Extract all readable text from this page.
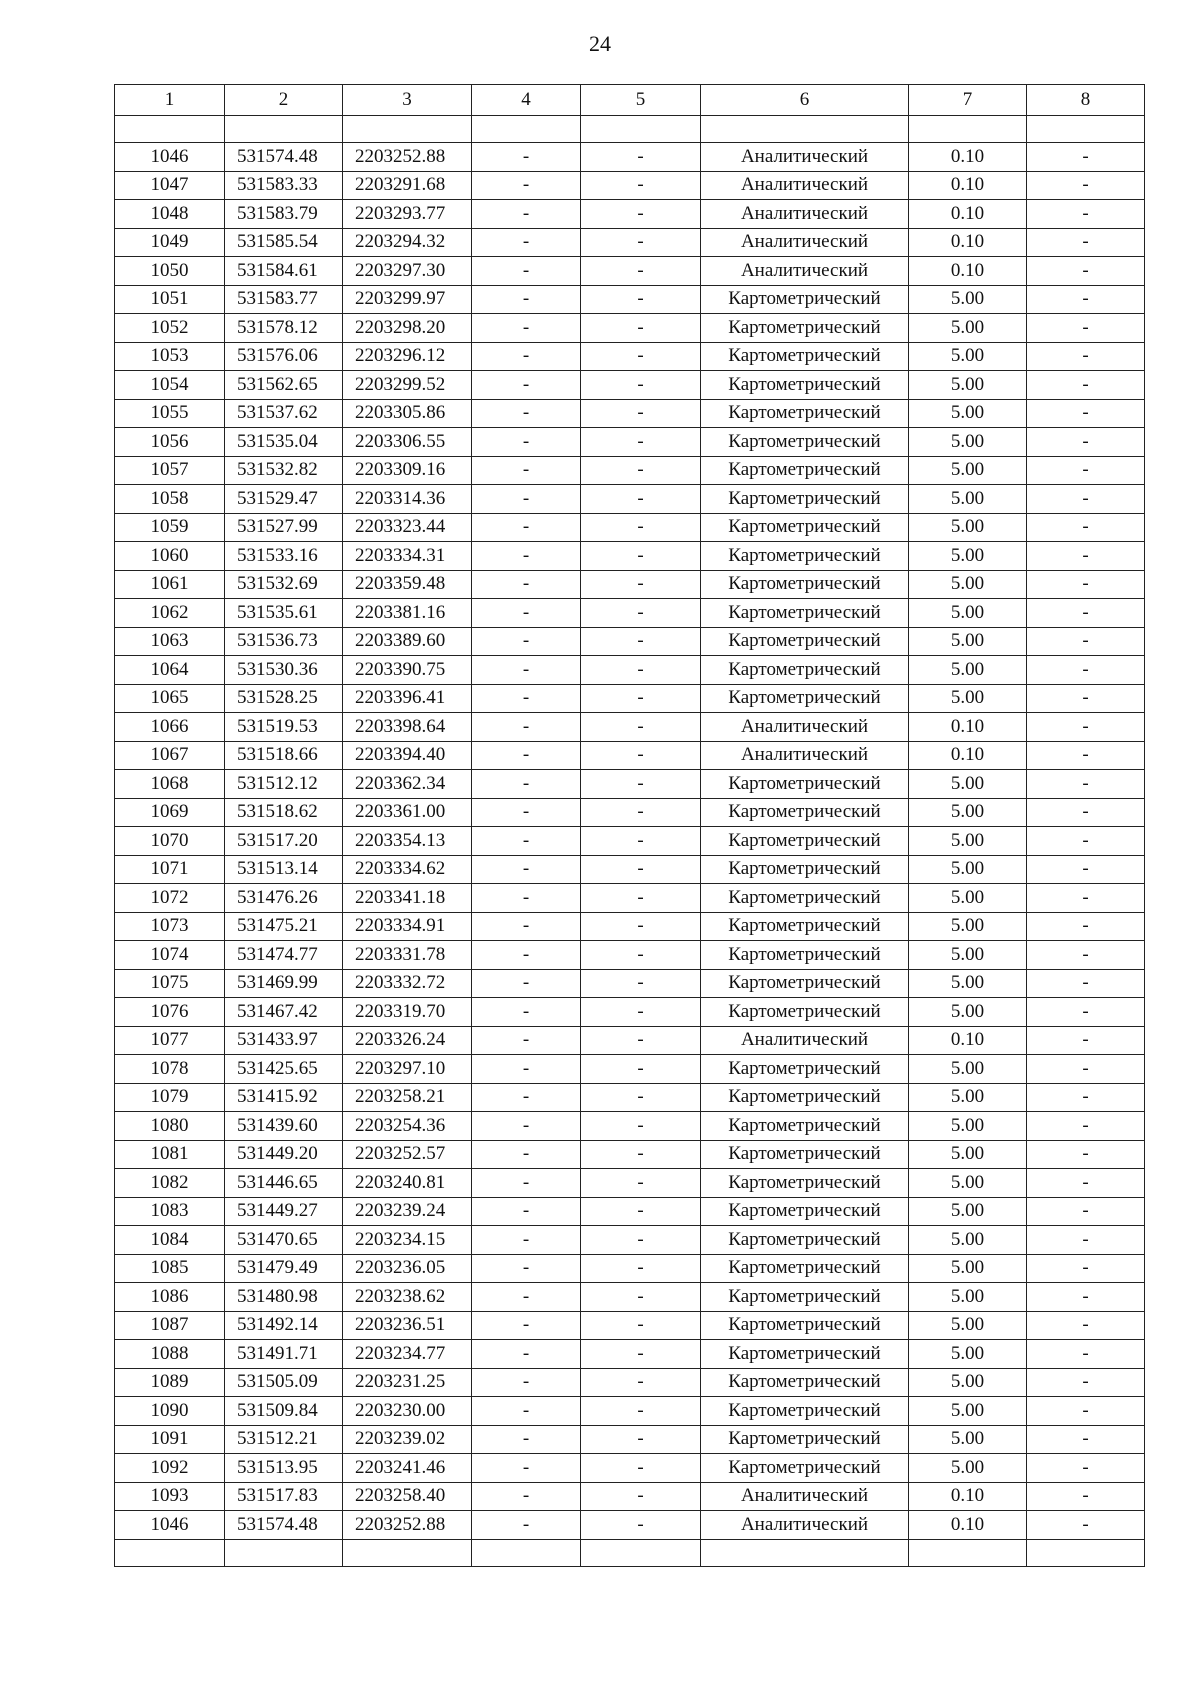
24
1	2	3	4	5	6	7	8

1046	531574.48	2203252.88	-	-	Аналитический	0.10	-
1047	531583.33	2203291.68	-	-	Аналитический	0.10	-
1048	531583.79	2203293.77	-	-	Аналитический	0.10	-
1049	531585.54	2203294.32	-	-	Аналитический	0.10	-
1050	531584.61	2203297.30	-	-	Аналитический	0.10	-
1051	531583.77	2203299.97	-	-	Картометрический	5.00	-
1052	531578.12	2203298.20	-	-	Картометрический	5.00	-
1053	531576.06	2203296.12	-	-	Картометрический	5.00	-
1054	531562.65	2203299.52	-	-	Картометрический	5.00	-
1055	531537.62	2203305.86	-	-	Картометрический	5.00	-
1056	531535.04	2203306.55	-	-	Картометрический	5.00	-
1057	531532.82	2203309.16	-	-	Картометрический	5.00	-
1058	531529.47	2203314.36	-	-	Картометрический	5.00	-
1059	531527.99	2203323.44	-	-	Картометрический	5.00	-
1060	531533.16	2203334.31	-	-	Картометрический	5.00	-
1061	531532.69	2203359.48	-	-	Картометрический	5.00	-
1062	531535.61	2203381.16	-	-	Картометрический	5.00	-
1063	531536.73	2203389.60	-	-	Картометрический	5.00	-
1064	531530.36	2203390.75	-	-	Картометрический	5.00	-
1065	531528.25	2203396.41	-	-	Картометрический	5.00	-
1066	531519.53	2203398.64	-	-	Аналитический	0.10	-
1067	531518.66	2203394.40	-	-	Аналитический	0.10	-
1068	531512.12	2203362.34	-	-	Картометрический	5.00	-
1069	531518.62	2203361.00	-	-	Картометрический	5.00	-
1070	531517.20	2203354.13	-	-	Картометрический	5.00	-
1071	531513.14	2203334.62	-	-	Картометрический	5.00	-
1072	531476.26	2203341.18	-	-	Картометрический	5.00	-
1073	531475.21	2203334.91	-	-	Картометрический	5.00	-
1074	531474.77	2203331.78	-	-	Картометрический	5.00	-
1075	531469.99	2203332.72	-	-	Картометрический	5.00	-
1076	531467.42	2203319.70	-	-	Картометрический	5.00	-
1077	531433.97	2203326.24	-	-	Аналитический	0.10	-
1078	531425.65	2203297.10	-	-	Картометрический	5.00	-
1079	531415.92	2203258.21	-	-	Картометрический	5.00	-
1080	531439.60	2203254.36	-	-	Картометрический	5.00	-
1081	531449.20	2203252.57	-	-	Картометрический	5.00	-
1082	531446.65	2203240.81	-	-	Картометрический	5.00	-
1083	531449.27	2203239.24	-	-	Картометрический	5.00	-
1084	531470.65	2203234.15	-	-	Картометрический	5.00	-
1085	531479.49	2203236.05	-	-	Картометрический	5.00	-
1086	531480.98	2203238.62	-	-	Картометрический	5.00	-
1087	531492.14	2203236.51	-	-	Картометрический	5.00	-
1088	531491.71	2203234.77	-	-	Картометрический	5.00	-
1089	531505.09	2203231.25	-	-	Картометрический	5.00	-
1090	531509.84	2203230.00	-	-	Картометрический	5.00	-
1091	531512.21	2203239.02	-	-	Картометрический	5.00	-
1092	531513.95	2203241.46	-	-	Картометрический	5.00	-
1093	531517.83	2203258.40	-	-	Аналитический	0.10	-
1046	531574.48	2203252.88	-	-	Аналитический	0.10	-
